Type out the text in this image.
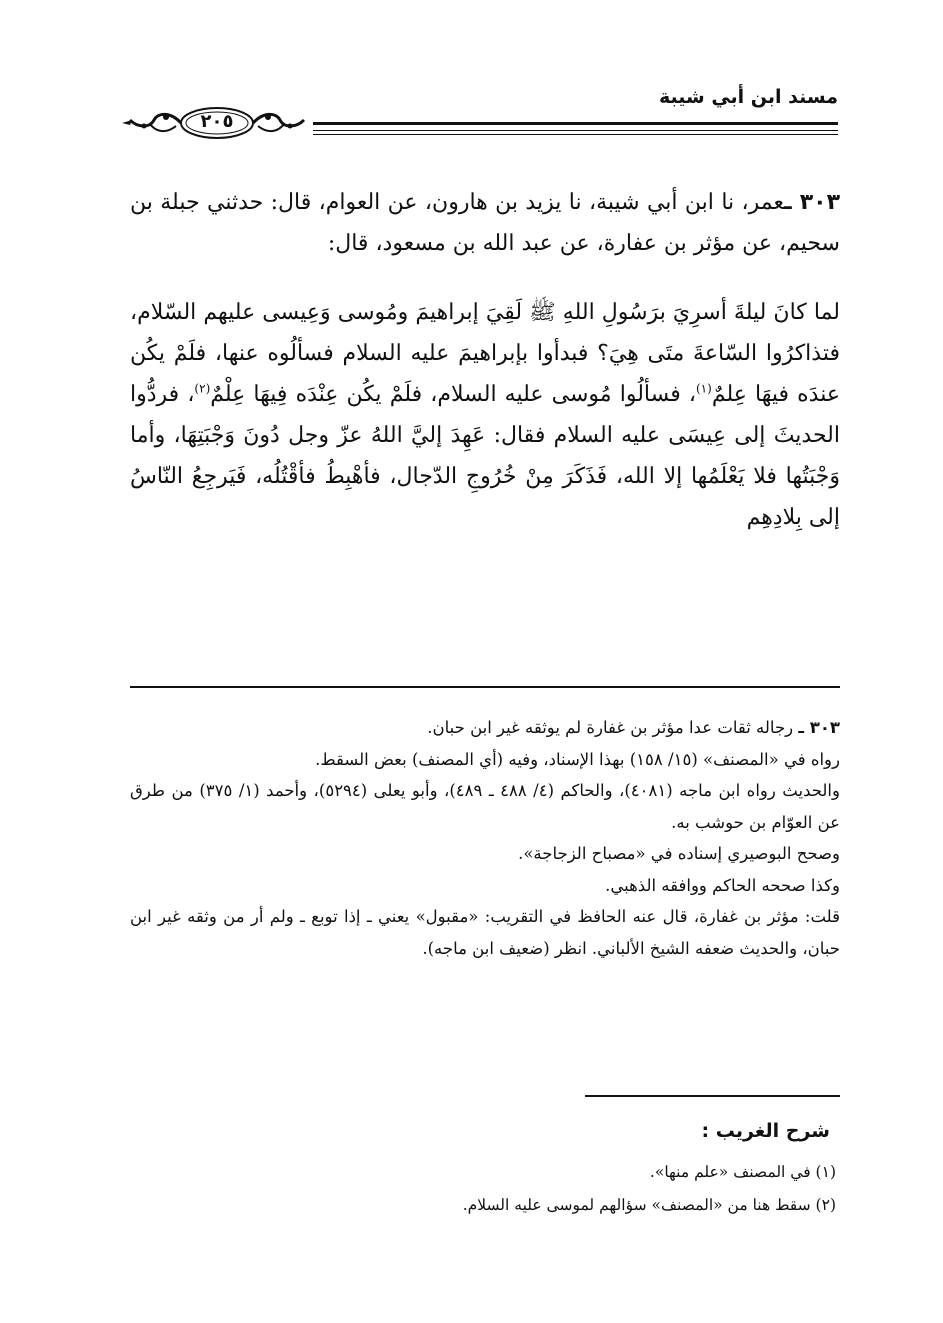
مسند ابن أبي شيبة
٢٠٥

٣٠٣ ـعمر، نا ابن أبي شيبة، نا يزيد بن هارون، عن العوام، قال: حدثني جبلة بن سحيم، عن مؤثر بن عفارة، عن عبد الله بن مسعود، قال:

لما كانَ ليلةَ أسرِيَ برَسُولِ اللهِ ﷺ لَقِيَ إبراهيمَ ومُوسى وَعِيسى عليهم السّلام، فتذاكرُوا السّاعةَ متَى هِيَ؟ فبدأوا بإبراهيمَ عليه السلام فسألُوه عنها، فلَمْ يكُن عندَه فيهَا عِلمٌ$^{(١)}$، فسألُوا مُوسى عليه السلام، فلَمْ يكُن عِنْدَه فِيهَا عِلْمٌ$^{(٢)}$، فردُّوا الحديثَ إلى عِيسَى عليه السلام فقال: عَهِدَ إليَّ اللهُ عزّ وجل دُونَ وَجْبَتِهَا، وأما وَجْبَتُها فلا يَعْلَمُها إلا الله، فَذَكَرَ مِنْ خُرُوجِ الدّجال، فأهْبِطُ فأقْتُلُه، فَيَرجِعُ النّاسُ إلى بِلادِهِم

٣٠٣ ـ رجاله ثقات عدا مؤثر بن غفارة لم يوثقه غير ابن حبان.

رواه في «المصنف» (١٥/ ١٥٨) بهذا الإسناد، وفيه (أي المصنف) بعض السقط.

والحديث رواه ابن ماجه (٤٠٨١)، والحاكم (٤/ ٤٨٨ ـ ٤٨٩)، وأبو يعلى (٥٢٩٤)، وأحمد (١/ ٣٧٥) من طرق عن العوّام بن حوشب به.

وصحح البوصيري إسناده في «مصباح الزجاجة».

وكذا صححه الحاكم ووافقه الذهبي.

قلت: مؤثر بن غفارة، قال عنه الحافظ في التقريب: «مقبول» يعني ـ إذا توبع ـ ولم أر من وثقه غير ابن حبان، والحديث ضعفه الشيخ الألباني. انظر (ضعيف ابن ماجه).

شرح الغريب :
(١) في المصنف «علم منها».
(٢) سقط هنا من «المصنف» سؤالهم لموسى عليه السلام.
